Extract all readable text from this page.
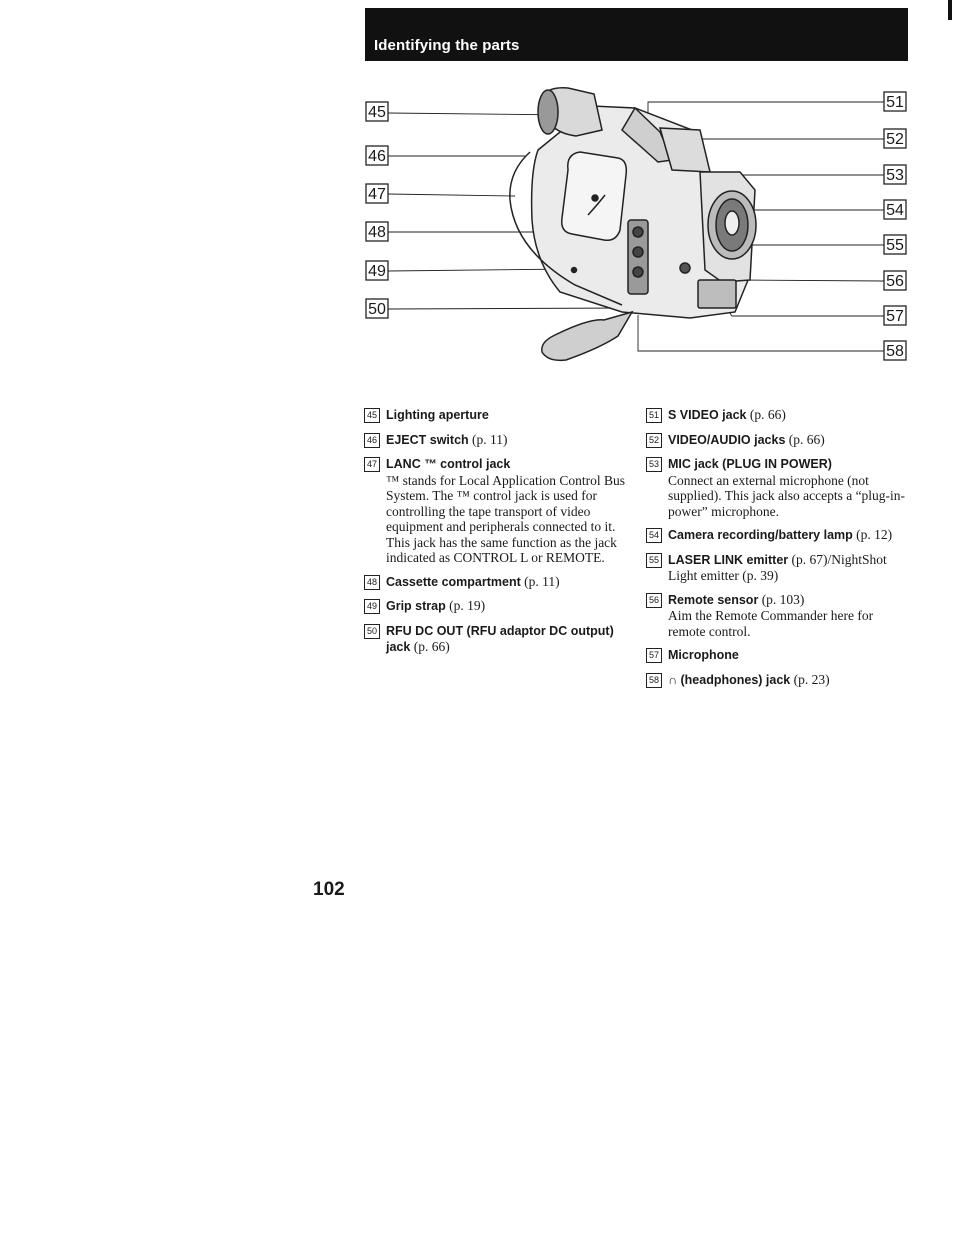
Identifying the parts
45
46
47
48
49
50
51
52
53
54
55
56
57
58
45 Lighting aperture
46 EJECT switch (p. 11)
47 LANC ™ control jack
™ stands for Local Application Control Bus System. The ™ control jack is used for controlling the tape transport of video equipment and peripherals connected to it. This jack has the same function as the jack indicated as CONTROL L or REMOTE.
48 Cassette compartment (p. 11)
49 Grip strap (p. 19)
50 RFU DC OUT (RFU adaptor DC output) jack (p. 66)
51 S VIDEO jack (p. 66)
52 VIDEO/AUDIO jacks (p. 66)
53 MIC jack (PLUG IN POWER)
Connect an external microphone (not supplied). This jack also accepts a “plug-in-power” microphone.
54 Camera recording/battery lamp (p. 12)
55 LASER LINK emitter (p. 67)/NightShot Light emitter (p. 39)
56 Remote sensor (p. 103)
Aim the Remote Commander here for remote control.
57 Microphone
58 ∩ (headphones) jack (p. 23)
102
